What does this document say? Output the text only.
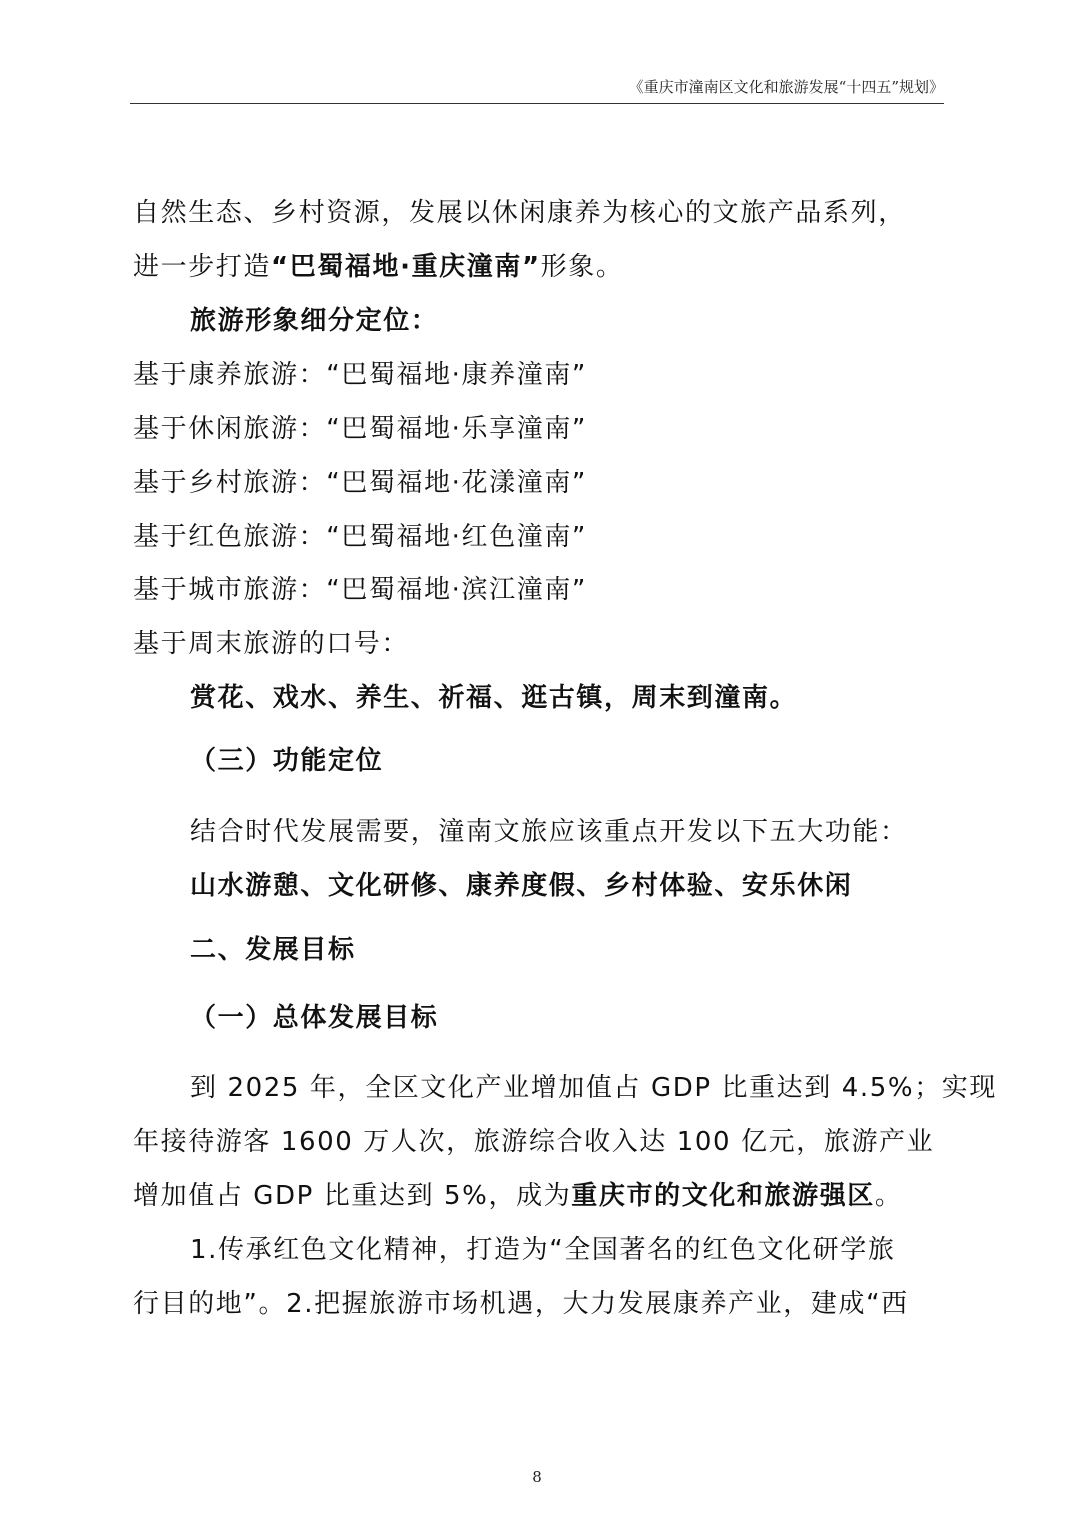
《重庆市潼南区文化和旅游发展“十四五”规划》
自然生态、乡村资源，发展以休闲康养为核心的文旅产品系列，
进一步打造“巴蜀福地·重庆潼南”形象。
旅游形象细分定位：
基于康养旅游：“巴蜀福地·康养潼南”
基于休闲旅游：“巴蜀福地·乐享潼南”
基于乡村旅游：“巴蜀福地·花漾潼南”
基于红色旅游：“巴蜀福地·红色潼南”
基于城市旅游：“巴蜀福地·滨江潼南”
基于周末旅游的口号：
赏花、戏水、养生、祈福、逛古镇，周末到潼南。
（三）功能定位
结合时代发展需要，潼南文旅应该重点开发以下五大功能：
山水游憩、文化研修、康养度假、乡村体验、安乐休闲
二、发展目标
（一）总体发展目标
到 2025 年，全区文化产业增加值占 GDP 比重达到 4.5%；实现
年接待游客 1600 万人次，旅游综合收入达 100 亿元，旅游产业
增加值占 GDP 比重达到 5%，成为重庆市的文化和旅游强区。
1.传承红色文化精神，打造为“全国著名的红色文化研学旅
行目的地”。2.把握旅游市场机遇，大力发展康养产业，建成“西
8
